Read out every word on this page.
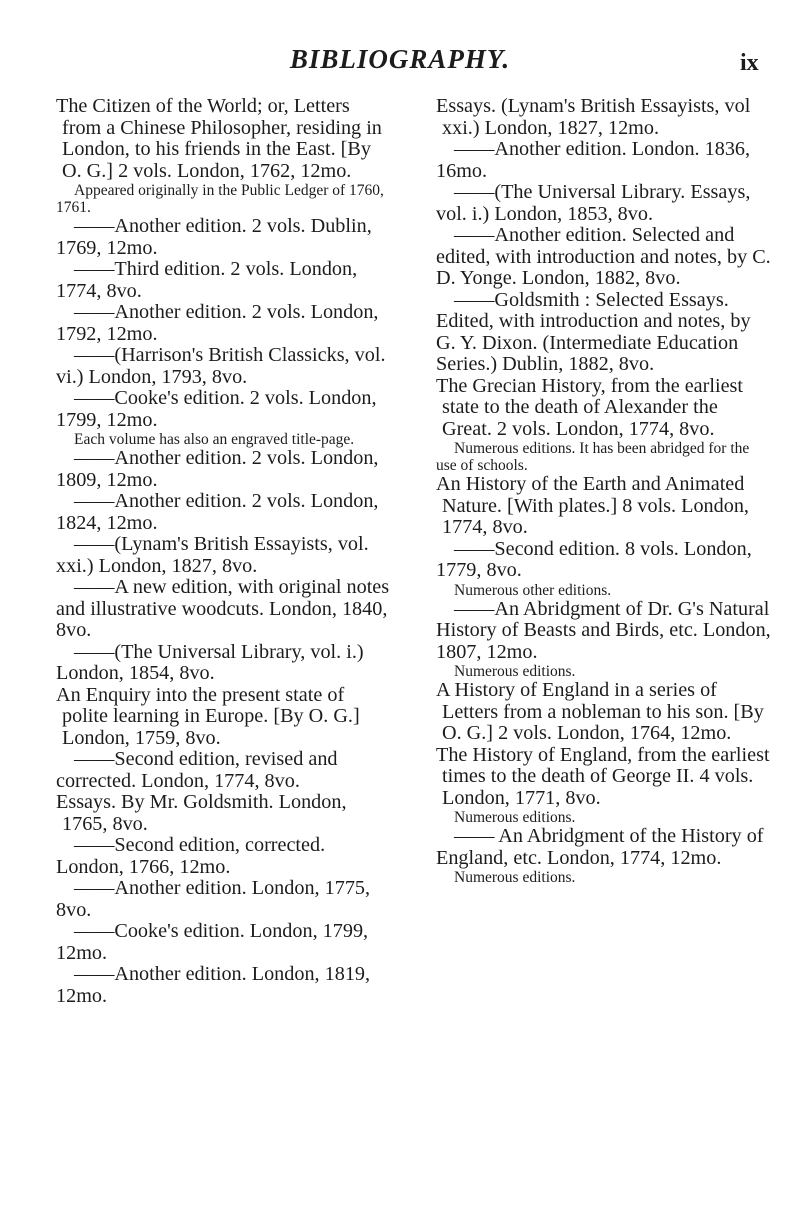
BIBLIOGRAPHY.	ix

The Citizen of the World; or, Letters from a Chinese Philosopher, residing in London, to his friends in the East. [By O. G.] 2 vols. London, 1762, 12mo.

Appeared originally in the Public Ledger of 1760, 1761.

——Another edition. 2 vols. Dublin, 1769, 12mo.

——Third edition. 2 vols. London, 1774, 8vo.

——Another edition. 2 vols. London, 1792, 12mo.

——(Harrison's British Classicks, vol. vi.) London, 1793, 8vo.

——Cooke's edition. 2 vols. London, 1799, 12mo.

Each volume has also an engraved title-page.

——Another edition. 2 vols. London, 1809, 12mo.

——Another edition. 2 vols. London, 1824, 12mo.

——(Lynam's British Essayists, vol. xxi.) London, 1827, 8vo.

——A new edition, with original notes and illustrative woodcuts. London, 1840, 8vo.

——(The Universal Library, vol. i.) London, 1854, 8vo.

An Enquiry into the present state of polite learning in Europe. [By O. G.] London, 1759, 8vo.

——Second edition, revised and corrected. London, 1774, 8vo.

Essays. By Mr. Goldsmith. London, 1765, 8vo.

——Second edition, corrected. London, 1766, 12mo.

——Another edition. London, 1775, 8vo.

——Cooke's edition. London, 1799, 12mo.

——Another edition. London, 1819, 12mo.

Essays. (Lynam's British Essayists, vol xxi.) London, 1827, 12mo.

——Another edition. London. 1836, 16mo.

——(The Universal Library. Essays, vol. i.) London, 1853, 8vo.

——Another edition. Selected and edited, with introduction and notes, by C. D. Yonge. London, 1882, 8vo.

——Goldsmith : Selected Essays. Edited, with introduction and notes, by G. Y. Dixon. (Intermediate Education Series.) Dublin, 1882, 8vo.

The Grecian History, from the earliest state to the death of Alexander the Great. 2 vols. London, 1774, 8vo.

Numerous editions. It has been abridged for the use of schools.

An History of the Earth and Animated Nature. [With plates.] 8 vols. London, 1774, 8vo.

——Second edition. 8 vols. London, 1779, 8vo.

Numerous other editions.

——An Abridgment of Dr. G's Natural History of Beasts and Birds, etc. London, 1807, 12mo.

Numerous editions.

A History of England in a series of Letters from a nobleman to his son. [By O. G.] 2 vols. London, 1764, 12mo.

The History of England, from the earliest times to the death of George II. 4 vols. London, 1771, 8vo.

Numerous editions.

—— An Abridgment of the History of England, etc. London, 1774, 12mo.

Numerous editions.
